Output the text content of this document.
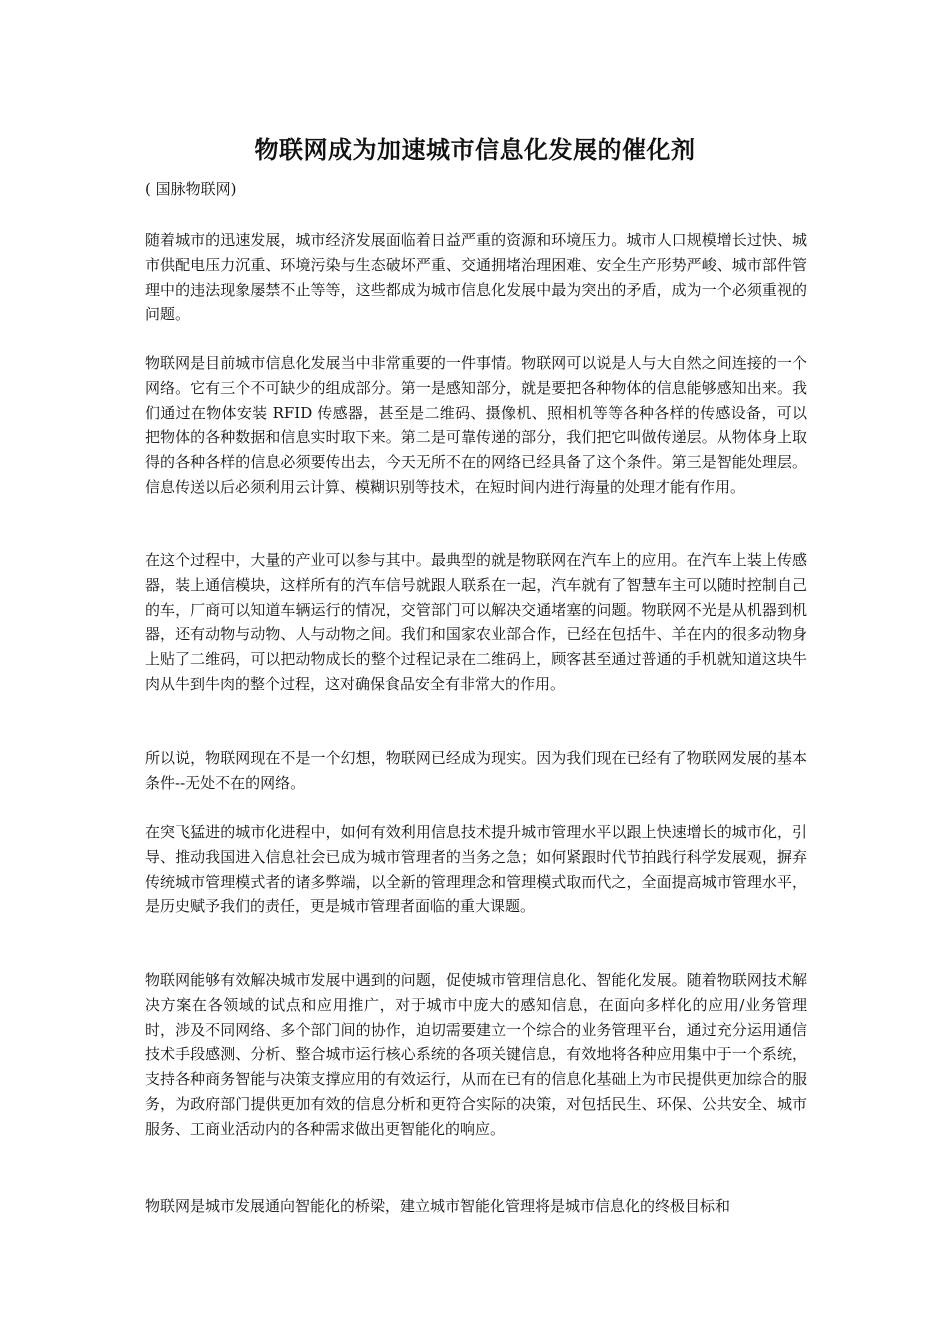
物联网成为加速城市信息化发展的催化剂

( 国脉物联网)

随着城市的迅速发展，城市经济发展面临着日益严重的资源和环境压力。城市人口规模增长过快、城市供配电压力沉重、环境污染与生态破坏严重、交通拥堵治理困难、安全生产形势严峻、城市部件管理中的违法现象屡禁不止等等，这些都成为城市信息化发展中最为突出的矛盾，成为一个必须重视的问题。

物联网是目前城市信息化发展当中非常重要的一件事情。物联网可以说是人与大自然之间连接的一个网络。它有三个不可缺少的组成部分。第一是感知部分，就是要把各种物体的信息能够感知出来。我们通过在物体安装 RFID 传感器，甚至是二维码、摄像机、照相机等等各种各样的传感设备，可以把物体的各种数据和信息实时取下来。第二是可靠传递的部分，我们把它叫做传递层。从物体身上取得的各种各样的信息必须要传出去，今天无所不在的网络已经具备了这个条件。第三是智能处理层。信息传送以后必须利用云计算、模糊识别等技术，在短时间内进行海量的处理才能有作用。

在这个过程中，大量的产业可以参与其中。最典型的就是物联网在汽车上的应用。在汽车上装上传感器，装上通信模块，这样所有的汽车信号就跟人联系在一起，汽车就有了智慧车主可以随时控制自己的车，厂商可以知道车辆运行的情况，交管部门可以解决交通堵塞的问题。物联网不光是从机器到机器，还有动物与动物、人与动物之间。我们和国家农业部合作，已经在包括牛、羊在内的很多动物身上贴了二维码，可以把动物成长的整个过程记录在二维码上，顾客甚至通过普通的手机就知道这块牛肉从牛到牛肉的整个过程，这对确保食品安全有非常大的作用。

所以说，物联网现在不是一个幻想，物联网已经成为现实。因为我们现在已经有了物联网发展的基本条件--无处不在的网络。

在突飞猛进的城市化进程中，如何有效利用信息技术提升城市管理水平以跟上快速增长的城市化，引导、推动我国进入信息社会已成为城市管理者的当务之急；如何紧跟时代节拍践行科学发展观，摒弃传统城市管理模式者的诸多弊端，以全新的管理理念和管理模式取而代之，全面提高城市管理水平，是历史赋予我们的责任，更是城市管理者面临的重大课题。

物联网能够有效解决城市发展中遇到的问题，促使城市管理信息化、智能化发展。随着物联网技术解决方案在各领域的试点和应用推广，对于城市中庞大的感知信息，在面向多样化的应用/业务管理时，涉及不同网络、多个部门间的协作，迫切需要建立一个综合的业务管理平台，通过充分运用通信技术手段感测、分析、整合城市运行核心系统的各项关键信息，有效地将各种应用集中于一个系统，支持各种商务智能与决策支撑应用的有效运行，从而在已有的信息化基础上为市民提供更加综合的服务，为政府部门提供更加有效的信息分析和更符合实际的决策，对包括民生、环保、公共安全、城市服务、工商业活动内的各种需求做出更智能化的响应。

物联网是城市发展通向智能化的桥梁，建立城市智能化管理将是城市信息化的终极目标和
